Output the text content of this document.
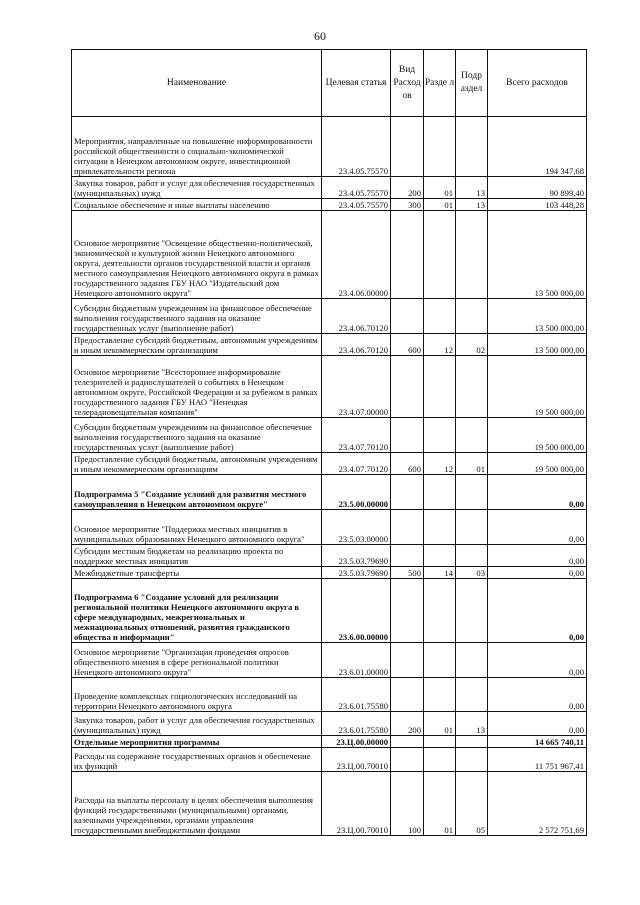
60
Наименование	Целевая статья	Вид Расход ов	Разде л	Подр аздел	Всего расходов
Мероприятия, направленные на повышение информированности российской общественности о социально-экономической ситуации в Ненецком автономном округе, инвестиционной привлекательности региона	23.4.05.75570				194 347,68
Закупка товаров, работ и услуг для обеспечения государственных (муниципальных) нужд	23.4.05.75570	200	01	13	90 899,40
Социальное обеспечение и иные выплаты населению	23.4.05.75570	300	01	13	103 448,28
Основное мероприятие "Освещение общественно-политической, экономической и культурной жизни Ненецкого автономного округа, деятельности органов государственной власти и органов местного самоуправления Ненецкого автономного округа в рамках государственного задания ГБУ НАО "Издательский дом Ненецкого автономного округа"	23.4.06.00000				13 500 000,00
Субсидии бюджетным учреждениям на финансовое обеспечение выполнения государственного задания на оказание государственных услуг (выполнение работ)	23.4.06.70120				13 500 000,00
Предоставление субсидий бюджетным, автономным учреждениям и иным некоммерческим организациям	23.4.06.70120	600	12	02	13 500 000,00
Основное мероприятие "Всестороннее информирование телезрителей и радиослушателей о событиях в Ненецком автономном округе, Российской Федерации и за рубежом в рамках государственного задания ГБУ НАО "Ненецкая телерадиовещательная компания"	23.4.07.00000				19 500 000,00
Субсидии бюджетным учреждениям на финансовое обеспечение выполнения государственного задания на оказание государственных услуг (выполнение работ)	23.4.07.70120				19 500 000,00
Предоставление субсидий бюджетным, автономным учреждениям и иным некоммерческим организациям	23.4.07.70120	600	12	01	19 500 000,00
Подпрограмма 5 "Создание условий для развития местного самоуправления в Ненецком автономном округе"	23.5.00.00000				0,00
Основное мероприятие "Поддержка местных инициатив в муниципальных образованиях Ненецкого автономного округа"	23.5.03.00000				0,00
Субсидии местным бюджетам на реализацию проекта по поддержке местных инициатив	23.5.03.79690				0,00
Межбюджетные трансферты	23.5.03.79690	500	14	03	0,00
Подпрограмма 6 "Создание условий для реализации региональной политики Ненецкого автономного округа в сфере международных, межрегиональных и межнациональных отношений, развития гражданского общества и информации"	23.6.00.00000				0,00
Основное мероприятие "Организация проведения опросов общественного мнения в сфере региональной политики Ненецкого автономного округа"	23.6.01.00000				0,00
Проведение комплексных социологических исследований на территории Ненецкого автономного округа	23.6.01.75580				0,00
Закупка товаров, работ и услуг для обеспечения государственных (муниципальных) нужд	23.6.01.75580	200	01	13	0,00
Отдельные мероприятия программы	23.Ц.00.00000				14 665 740,11
Расходы на содержание государственных органов и обеспечение их функций	23.Ц.00.70010				11 751 967,41
Расходы на выплаты персоналу в целях обеспечения выполнения функций государственными (муниципальными) органами, казенными учреждениями, органами управления государственными внебюджетными фондами	23.Ц.00.70010	100	01	05	2 572 751,69
